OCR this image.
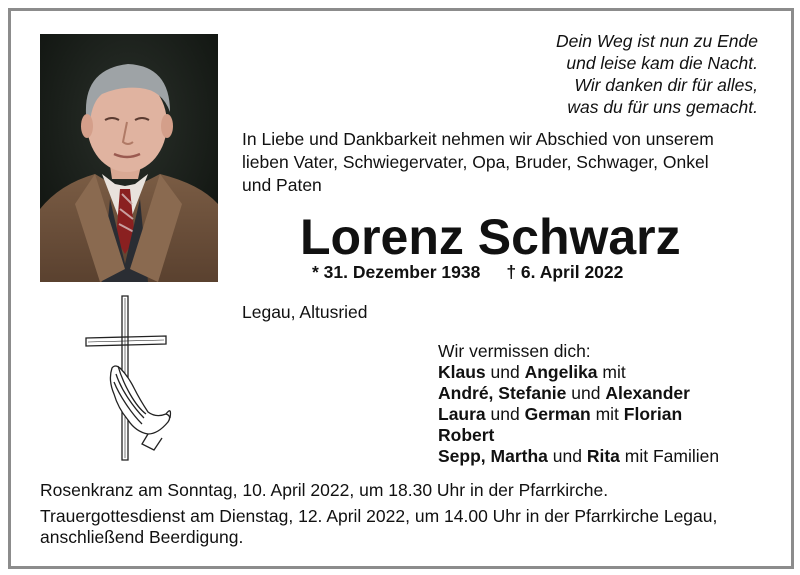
Dein Weg ist nun zu Ende
und leise kam die Nacht.
Wir danken dir für alles,
was du für uns gemacht.
In Liebe und Dankbarkeit nehmen wir Abschied von unserem
lieben Vater, Schwiegervater, Opa, Bruder, Schwager, Onkel
und Paten
Lorenz Schwarz
* 31. Dezember 1938 † 6. April 2022
Legau, Altusried
Wir vermissen dich:
Klaus und Angelika mit
André, Stefanie und Alexander
Laura und German mit Florian
Robert
Sepp, Martha und Rita mit Familien
Rosenkranz am Sonntag, 10. April 2022, um 18.30 Uhr in der Pfarrkirche.
Trauergottesdienst am Dienstag, 12. April 2022, um 14.00 Uhr in der Pfarrkirche Legau,
anschließend Beerdigung.
